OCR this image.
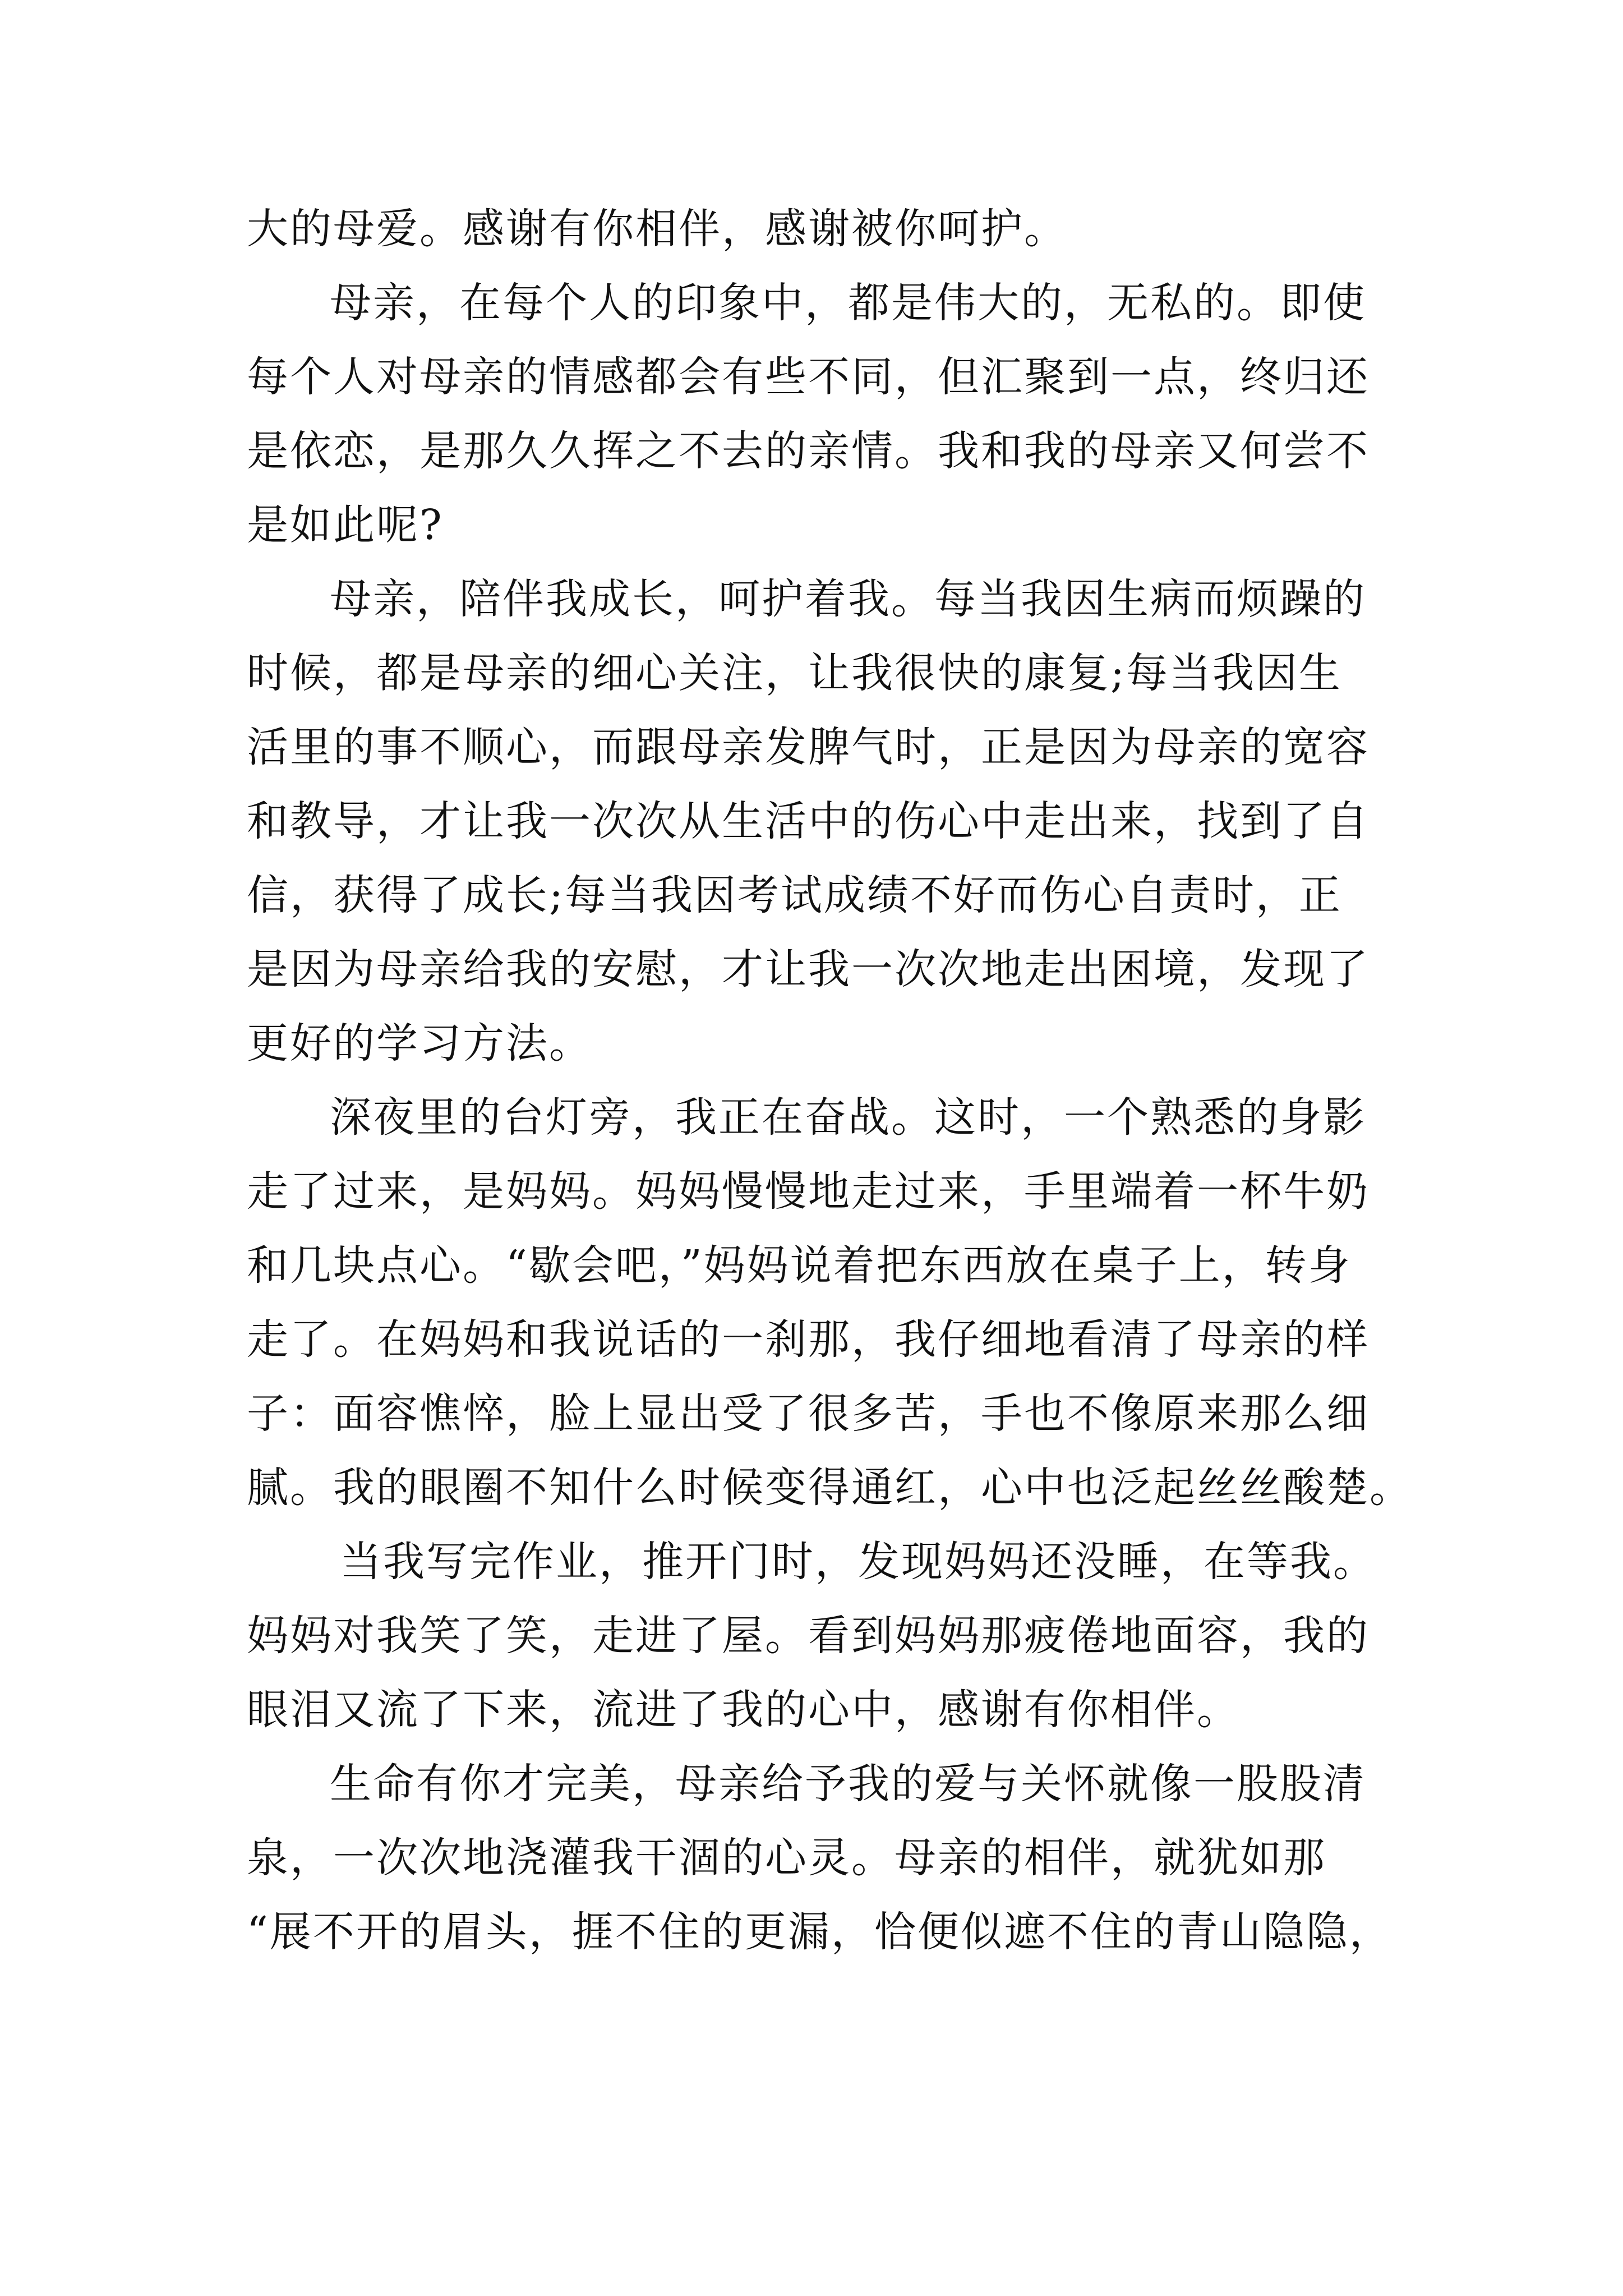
大的母爱。感谢有你相伴，感谢被你呵护。
母亲，在每个人的印象中，都是伟大的，无私的。即使
每个人对母亲的情感都会有些不同，但汇聚到一点，终归还
是依恋，是那久久挥之不去的亲情。我和我的母亲又何尝不
是如此呢?
母亲，陪伴我成长，呵护着我。每当我因生病而烦躁的
时候，都是母亲的细心关注，让我很快的康复;每当我因生
活里的事不顺心，而跟母亲发脾气时，正是因为母亲的宽容
和教导，才让我一次次从生活中的伤心中走出来，找到了自
信，获得了成长;每当我因考试成绩不好而伤心自责时，正
是因为母亲给我的安慰，才让我一次次地走出困境，发现了
更好的学习方法。
深夜里的台灯旁，我正在奋战。这时，一个熟悉的身影
走了过来，是妈妈。妈妈慢慢地走过来，手里端着一杯牛奶
和几块点心。“歇会吧，”妈妈说着把东西放在桌子上，转身
走了。在妈妈和我说话的一刹那，我仔细地看清了母亲的样
子：面容憔悴，脸上显出受了很多苦，手也不像原来那么细
腻。我的眼圈不知什么时候变得通红，心中也泛起丝丝酸楚。
当我写完作业，推开门时，发现妈妈还没睡，在等我。
妈妈对我笑了笑，走进了屋。看到妈妈那疲倦地面容，我的
眼泪又流了下来，流进了我的心中，感谢有你相伴。
生命有你才完美，母亲给予我的爱与关怀就像一股股清
泉，一次次地浇灌我干涸的心灵。母亲的相伴，就犹如那
“展不开的眉头，捱不住的更漏，恰便似遮不住的青山隐隐，
